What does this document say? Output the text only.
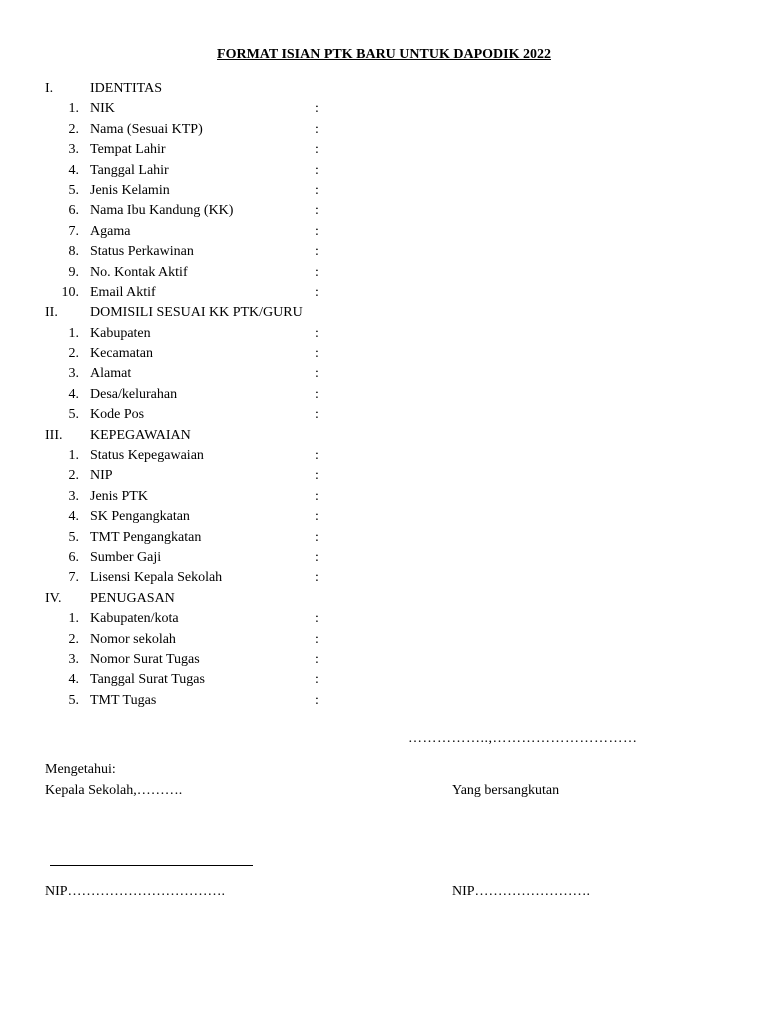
FORMAT ISIAN PTK BARU UNTUK DAPODIK 2022
I.	IDENTITAS
1. NIK	:
2. Nama (Sesuai KTP)	:
3. Tempat Lahir	:
4. Tanggal Lahir	:
5. Jenis Kelamin	:
6. Nama Ibu Kandung (KK)	:
7. Agama	:
8. Status Perkawinan	:
9. No. Kontak Aktif	:
10. Email Aktif	:
II. DOMISILI SESUAI KK PTK/GURU
1. Kabupaten	:
2. Kecamatan	:
3. Alamat	:
4. Desa/kelurahan	:
5. Kode Pos	:
III. KEPEGAWAIAN
1. Status Kepegawaian	:
2. NIP	:
3. Jenis PTK	:
4. SK Pengangkatan	:
5. TMT Pengangkatan	:
6. Sumber Gaji	:
7. Lisensi Kepala Sekolah	:
IV. PENUGASAN
1. Kabupaten/kota	:
2. Nomor sekolah	:
3. Nomor Surat Tugas	:
4. Tanggal Surat Tugas	:
5. TMT Tugas	:
……………..,…………………………
Mengetahui:
Kepala Sekolah,……….	Yang bersangkutan
NIP…………………………….	NIP…………………….
